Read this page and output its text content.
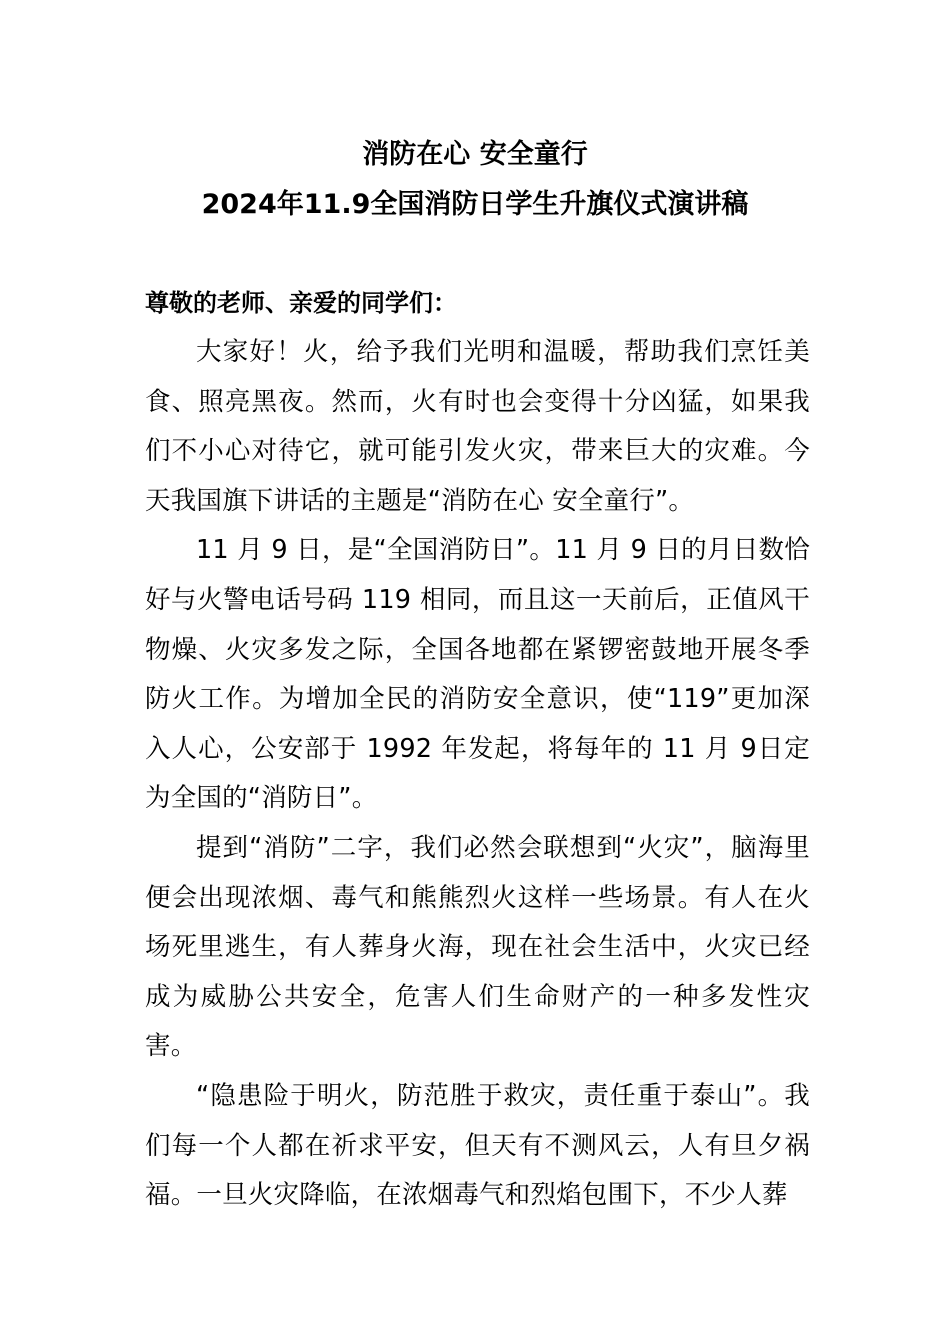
消防在心 安全童行
2024年11.9全国消防日学生升旗仪式演讲稿

尊敬的老师、亲爱的同学们：

大家好！火，给予我们光明和温暖，帮助我们烹饪美食、照亮黑夜。然而，火有时也会变得十分凶猛，如果我们不小心对待它，就可能引发火灾，带来巨大的灾难。今天我国旗下讲话的主题是“消防在心 安全童行”。

11 月 9 日，是“全国消防日”。11 月 9 日的月日数恰好与火警电话号码 119 相同，而且这一天前后，正值风干物燥、火灾多发之际，全国各地都在紧锣密鼓地开展冬季防火工作。为增加全民的消防安全意识，使“119”更加深入人心，公安部于 1992 年发起，将每年的 11 月 9日定为全国的“消防日”。

提到“消防”二字，我们必然会联想到“火灾”，脑海里便会出现浓烟、毒气和熊熊烈火这样一些场景。有人在火场死里逃生，有人葬身火海，现在社会生活中，火灾已经成为威胁公共安全，危害人们生命财产的一种多发性灾害。

“隐患险于明火，防范胜于救灾，责任重于泰山”。我们每一个人都在祈求平安，但天有不测风云，人有旦夕祸福。一旦火灾降临，在浓烟毒气和烈焰包围下，不少人葬
